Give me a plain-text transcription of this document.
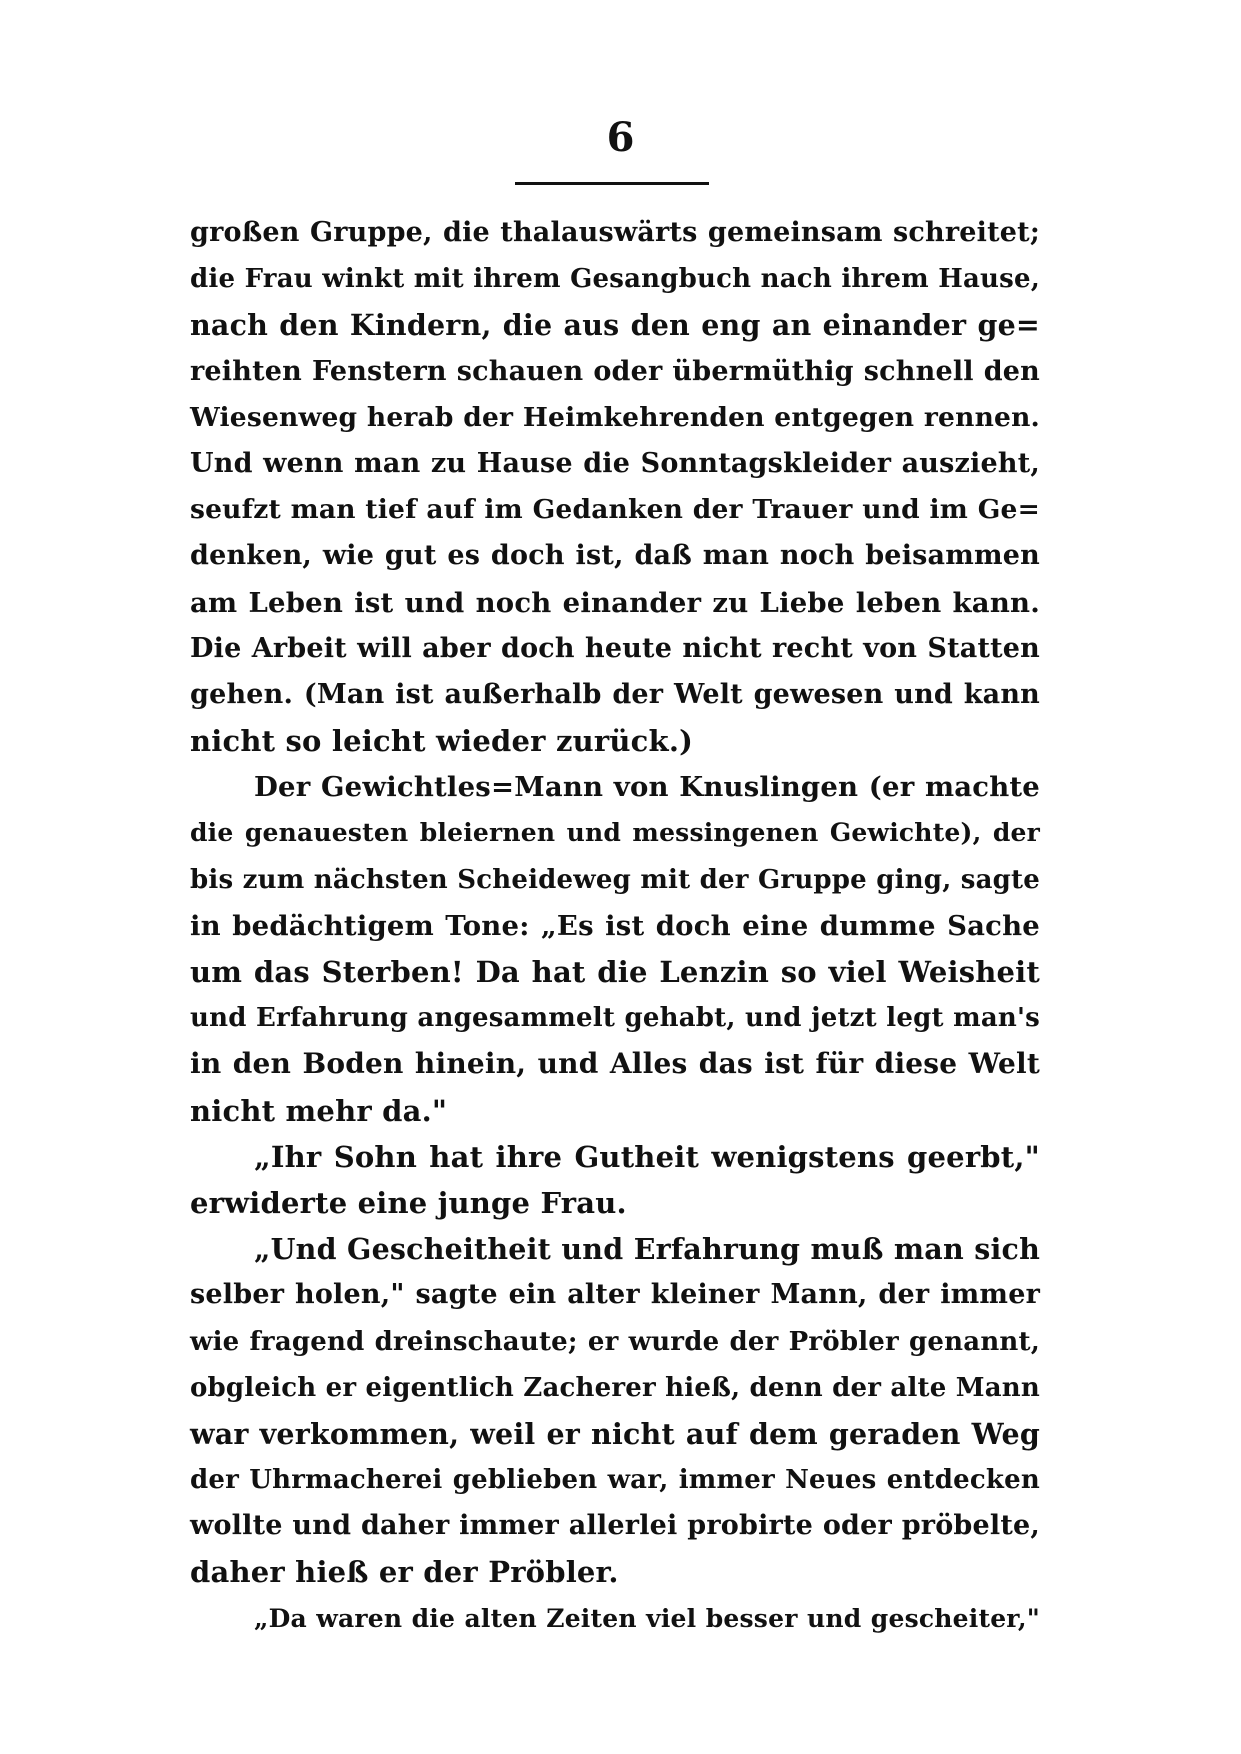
6
großen Gruppe, die thalauswärts gemeinsam schreitet;
die Frau winkt mit ihrem Gesangbuch nach ihrem Hause,
nach den Kindern, die aus den eng an einander ge=
reihten Fenstern schauen oder übermüthig schnell den
Wiesenweg herab der Heimkehrenden entgegen rennen.
Und wenn man zu Hause die Sonntagskleider auszieht,
seufzt man tief auf im Gedanken der Trauer und im Ge=
denken, wie gut es doch ist, daß man noch beisammen
am Leben ist und noch einander zu Liebe leben kann.
Die Arbeit will aber doch heute nicht recht von Statten
gehen. (Man ist außerhalb der Welt gewesen und kann
nicht so leicht wieder zurück.)
Der Gewichtles=Mann von Knuslingen (er machte
die genauesten bleiernen und messingenen Gewichte), der
bis zum nächsten Scheideweg mit der Gruppe ging, sagte
in bedächtigem Tone: „Es ist doch eine dumme Sache
um das Sterben! Da hat die Lenzin so viel Weisheit
und Erfahrung angesammelt gehabt, und jetzt legt man's
in den Boden hinein, und Alles das ist für diese Welt
nicht mehr da."
„Ihr Sohn hat ihre Gutheit wenigstens geerbt,"
erwiderte eine junge Frau.
„Und Gescheitheit und Erfahrung muß man sich
selber holen," sagte ein alter kleiner Mann, der immer
wie fragend dreinschaute; er wurde der Pröbler genannt,
obgleich er eigentlich Zacherer hieß, denn der alte Mann
war verkommen, weil er nicht auf dem geraden Weg
der Uhrmacherei geblieben war, immer Neues entdecken
wollte und daher immer allerlei probirte oder pröbelte,
daher hieß er der Pröbler.
„Da waren die alten Zeiten viel besser und gescheiter,"
